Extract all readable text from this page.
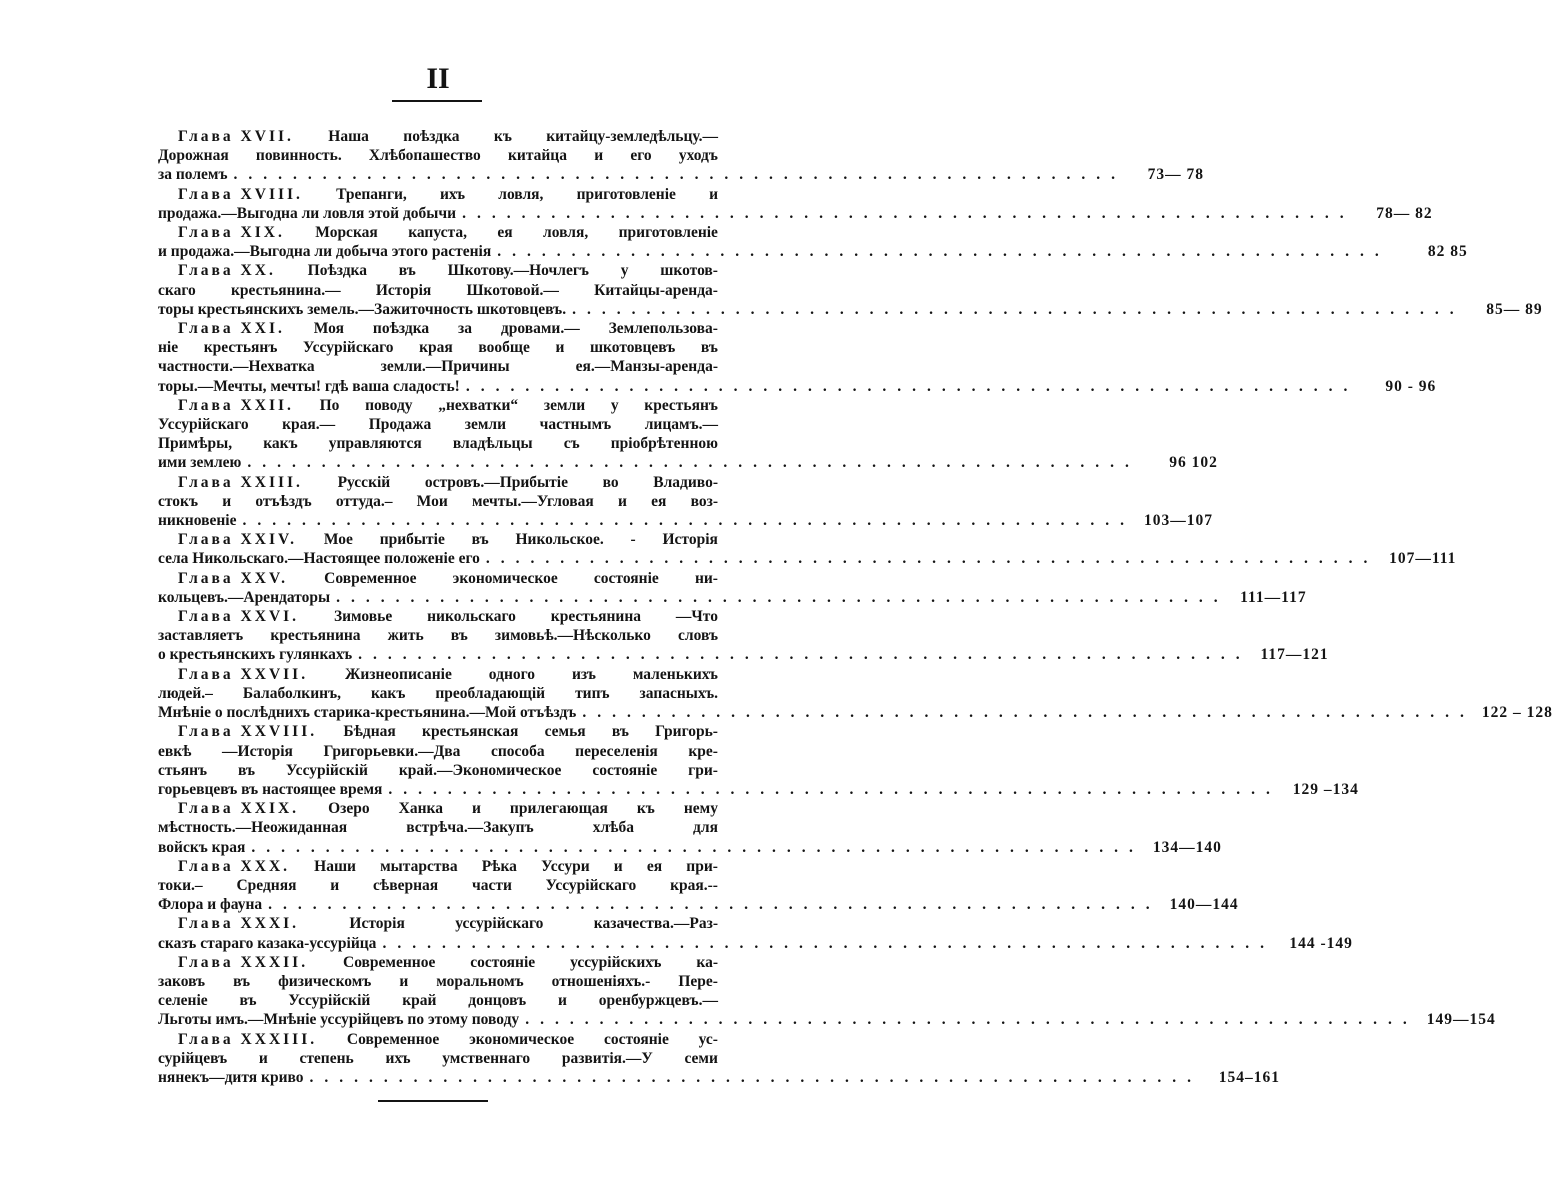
II
Глава XVII. Наша поѣздка къ китайцу-земледѣльцу.—
Дорожная повинность. Хлѣбопашество китайца и его уходъ
за полемъ ............................................................	73— 78
Глава XVIII. Трепанги, ихъ ловля, приготовленіе и
продажа.—Выгодна ли ловля этой добычи ............................................................	78— 82
Глава XIX. Морская капуста, ея ловля, приготовленіе
и продажа.—Выгодна ли добыча этого растенія ............................................................	82 85
Глава XX. Поѣздка въ Шкотову.—Ночлегъ у шкотов-
скаго крестьянина.— Исторія Шкотовой.— Китайцы-арендa-
торы крестьянскихъ земель.—Зажиточность шкотовцевъ. ............................................................	85— 89
Глава XXI. Моя поѣздка за дровами.— Землепользова-
ніе крестьянъ Уссурійскаго края вообще и шкотовцевъ въ
частности.—Нехватка	земли.—Причины	ея.—Манзы-арендa-
торы.—Мечты, мечты! гдѣ ваша сладость! ............................................................	90 - 96
Глава XXII. По поводу „нехватки“ земли у крестьянъ
Уссурійскаго края.— Продажа земли частнымъ лицамъ.—
Примѣры, какъ управляются владѣльцы съ пріобрѣтенною
ими землею ............................................................	96 102
Глава XXIII. Русскій островъ.—Прибытіе во Владиво-
стокъ и отъѣздъ оттуда.– Мои мечты.—Угловая и ея воз-
никновеніе ............................................................ 103—107
Глава XXIV. Мое прибытіе въ Никольское. - Исторія
села Никольскаго.—Настоящее положеніе его ............................................................ 107—111
Глава XXV. Современное экономическое состояніе ни-
кольцевъ.—Арендаторы ............................................................ 111—117
Глава XXVI. Зимовье никольскаго крестьянина —Что
заставляетъ крестьянина жить въ зимовьѣ.—Нѣсколько словъ
о крестьянскихъ гулянкахъ ............................................................ 117—121
Глава XXVII. Жизнеописаніе одного изъ маленькихъ
людей.– Балаболкинъ, какъ преобладающій типъ запасныхъ.
Мнѣніе о послѣднихъ старика-крестьянина.—Мой отъѣздъ ............................................................ 122 – 128
Глава XXVIII. Бѣдная крестьянская семья въ Григорь-
евкѣ —Исторія Григорьевки.—Два способа переселенія кре-
стьянъ въ Уссурійскій край.—Экономическое состояніе гри-
горьевцевъ въ настоящее время ............................................................ 129 –134
Глава XXIX. Озеро Ханка и прилегающая къ нему
мѣстность.—Неожиданная	встрѣча.—Закупъ	хлѣба	для
войскъ края ............................................................ 134—140
Глава XXX. Наши мытарства Рѣка Уссури и ея при-
токи.– Средняя и сѣверная части Уссурійскаго края.--
Флора и фауна ............................................................ 140—144
Глава XXXI.	Исторія	уссурійскаго	казачества.—Раз-
сказъ стараго казака-уссурійца ............................................................ 144 -149
Глава XXXII. Современное состояніе уссурійскихъ ка-
заковъ въ физическомъ и моральномъ отношеніяхъ.- Пере-
селеніе въ Уссурійскій край донцовъ и оренбуржцевъ.—
Льготы имъ.—Мнѣніе уссурійцевъ по этому поводу ............................................................ 149—154
Глава XXXIII. Современное экономическое состояніе ус-
сурійцевъ и степень ихъ умственнаго развитія.—У семи
нянекъ—дитя криво ............................................................	154–161
